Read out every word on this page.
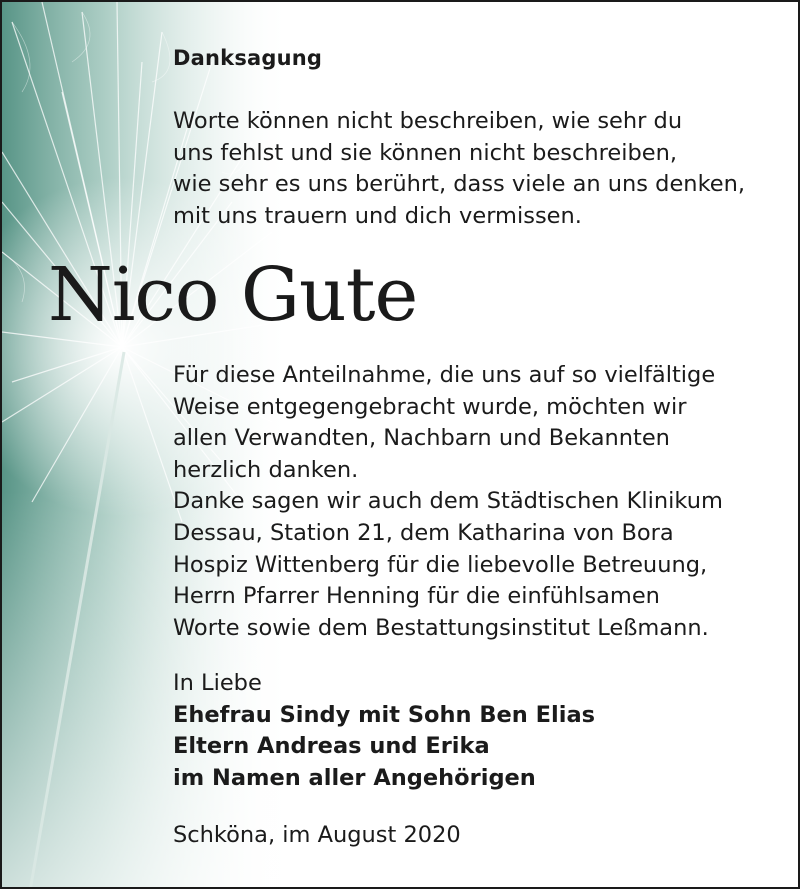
Danksagung

Worte können nicht beschreiben, wie sehr du
uns fehlst und sie können nicht beschreiben,
wie sehr es uns berührt, dass viele an uns denken,
mit uns trauern und dich vermissen.

Nico Gute

Für diese Anteilnahme, die uns auf so vielfältige
Weise entgegengebracht wurde, möchten wir
allen Verwandten, Nachbarn und Bekannten
herzlich danken.
Danke sagen wir auch dem Städtischen Klinikum
Dessau, Station 21, dem Katharina von Bora
Hospiz Wittenberg für die liebevolle Betreuung,
Herrn Pfarrer Henning für die einfühlsamen
Worte sowie dem Bestattungsinstitut Leßmann.

In Liebe
Ehefrau Sindy mit Sohn Ben Elias
Eltern Andreas und Erika
im Namen aller Angehörigen

Schköna, im August 2020
